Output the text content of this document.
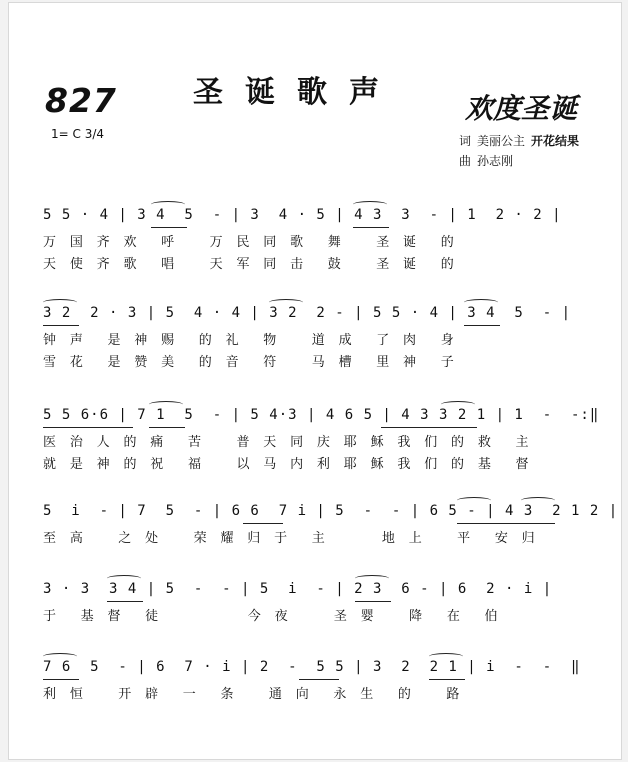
827	圣诞歌声 欢度圣诞
1= C 3/4	词 美丽公主 开花结果
曲 孙志刚
5 5 · 4 | 3 4  5  - | 3  4 · 5 | 4 3  3  - | 1  2 · 2 |
万 国 齐 欢  呼   万 民 同 歌  舞   圣 诞  的
天 使 齐 歌  唱   天 军 同 击  鼓   圣 诞  的
3 2  2 · 3 | 5  4 · 4 | 3 2  2 - | 5 5 · 4 | 3 4  5  - |
钟 声  是 神 赐  的 礼  物   道 成  了 肉  身
雪 花  是 赞 美  的 音  符   马 槽  里 神  子
5 5 6·6 | 7 1  5  - | 5 4·3 | 4 6 5 | 4 3 3 2 1 | 1  -  -:‖
医 治 人 的 痛  苦   普 天 同 庆 耶 稣 我 们 的 救  主
就 是 神 的 祝  福   以 马 内 利 耶 稣 我 们 的 基  督
5  i  - | 7  5  - | 6 6  7 i | 5  -  - | 6 5 - | 4 3  2 1 2 |
至 高   之 处   荣 耀 归 于  主     地 上   平  安 归
3 · 3  3 4 | 5  -  - | 5  i  - | 2 3  6 - | 6  2 · i |
于  基 督  徒        今 夜    圣 婴   降  在  伯
7 6  5  - | 6  7 · i | 2  -  5 5 | 3  2  2 1 | i  -  -  ‖
利 恒   开 辟  一  条   通 向  永 生  的   路
